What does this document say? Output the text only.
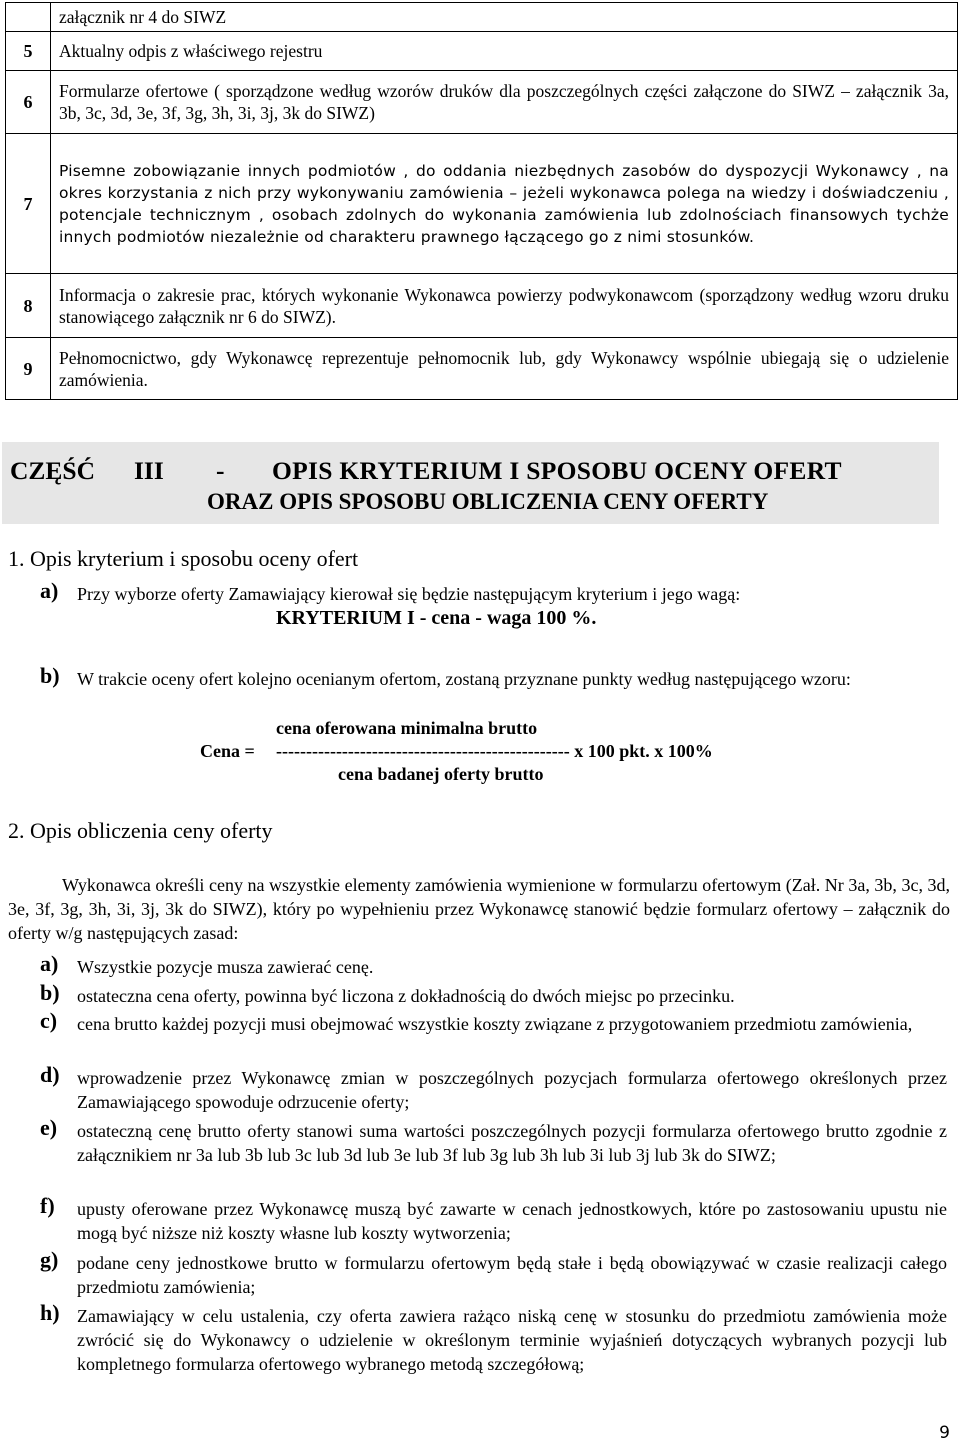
	załącznik nr 4 do SIWZ
5	Aktualny odpis z właściwego rejestru
6	Formularze ofertowe ( sporządzone według wzorów druków dla poszczególnych części załączone do SIWZ – załącznik 3a, 3b, 3c, 3d, 3e, 3f, 3g, 3h, 3i, 3j, 3k do SIWZ)
7	Pisemne zobowiązanie innych podmiotów , do oddania niezbędnych zasobów do dyspozycji Wykonawcy , na okres korzystania z nich przy wykonywaniu zamówienia – jeżeli wykonawca polega na wiedzy i doświadczeniu , potencjale technicznym , osobach zdolnych do wykonania zamówienia lub zdolnościach finansowych tychże innych podmiotów niezależnie od charakteru prawnego łączącego go z nimi stosunków.
8	Informacja o zakresie prac, których wykonanie Wykonawca powierzy podwykonawcom (sporządzony według wzoru druku stanowiącego załącznik nr 6 do SIWZ).
9	Pełnomocnictwo, gdy Wykonawcę reprezentuje pełnomocnik lub, gdy Wykonawcy wspólnie ubiegają się o udzielenie zamówienia.
CZĘŚĆ III - OPIS KRYTERIUM I SPOSOBU OCENY OFERT
ORAZ OPIS SPOSOBU OBLICZENIA CENY OFERTY
1. Opis kryterium i sposobu oceny ofert
a) Przy wyborze oferty Zamawiający kierował się będzie następującym kryterium i jego wagą:
KRYTERIUM I - cena - waga 100 %.
b) W trakcie oceny ofert kolejno ocenianym ofertom, zostaną przyznane punkty według następującego wzoru:
cena oferowana minimalna brutto
Cena = ------------------------------------------------- x 100 pkt. x 100%
cena badanej oferty brutto
2. Opis obliczenia ceny oferty
Wykonawca określi ceny na wszystkie elementy zamówienia wymienione w formularzu ofertowym (Zał. Nr 3a, 3b, 3c, 3d, 3e, 3f, 3g, 3h, 3i, 3j, 3k do SIWZ), który po wypełnieniu przez Wykonawcę stanowić będzie formularz ofertowy – załącznik do oferty w/g następujących zasad:
a) Wszystkie pozycje musza zawierać cenę.
b) ostateczna cena oferty, powinna być liczona z dokładnością do dwóch miejsc po przecinku.
c) cena brutto każdej pozycji musi obejmować wszystkie koszty związane z przygotowaniem przedmiotu zamówienia,
d) wprowadzenie przez Wykonawcę zmian w poszczególnych pozycjach formularza ofertowego określonych przez Zamawiającego spowoduje odrzucenie oferty;
e) ostateczną cenę brutto oferty stanowi suma wartości poszczególnych pozycji formularza ofertowego brutto zgodnie z załącznikiem nr 3a lub 3b lub 3c lub 3d lub 3e lub 3f lub 3g lub 3h lub 3i lub 3j lub 3k do SIWZ;
f) upusty oferowane przez Wykonawcę muszą być zawarte w cenach jednostkowych, które po zastosowaniu upustu nie mogą być niższe niż koszty własne lub koszty wytworzenia;
g) podane ceny jednostkowe brutto w formularzu ofertowym będą stałe i będą obowiązywać w czasie realizacji całego przedmiotu zamówienia;
h) Zamawiający w celu ustalenia, czy oferta zawiera rażąco niską cenę w stosunku do przedmiotu zamówienia może zwrócić się do Wykonawcy o udzielenie w określonym terminie wyjaśnień dotyczących wybranych pozycji lub kompletnego formularza ofertowego wybranego metodą szczegółową;
9
